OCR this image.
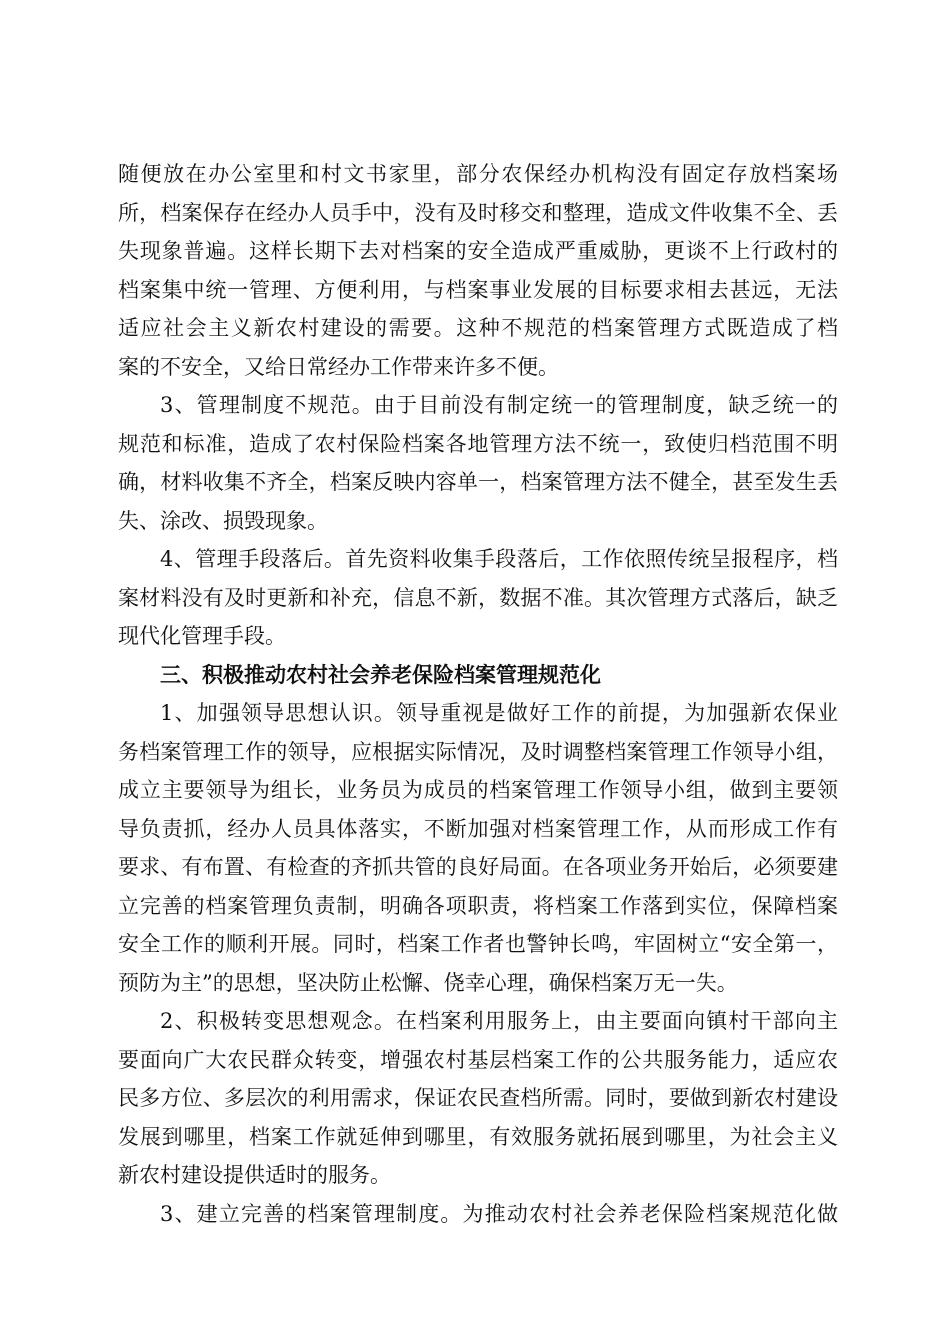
随便放在办公室里和村文书家里，部分农保经办机构没有固定存放档案场
所，档案保存在经办人员手中，没有及时移交和整理，造成文件收集不全、丢
失现象普遍。这样长期下去对档案的安全造成严重威胁，更谈不上行政村的
档案集中统一管理、方便利用，与档案事业发展的目标要求相去甚远，无法
适应社会主义新农村建设的需要。这种不规范的档案管理方式既造成了档
案的不安全，又给日常经办工作带来许多不便。
3、管理制度不规范。由于目前没有制定统一的管理制度，缺乏统一的
规范和标准，造成了农村保险档案各地管理方法不统一，致使归档范围不明
确，材料收集不齐全，档案反映内容单一，档案管理方法不健全，甚至发生丢
失、涂改、损毁现象。
4、管理手段落后。首先资料收集手段落后，工作依照传统呈报程序，档
案材料没有及时更新和补充，信息不新，数据不准。其次管理方式落后，缺乏
现代化管理手段。
三、积极推动农村社会养老保险档案管理规范化
1、加强领导思想认识。领导重视是做好工作的前提，为加强新农保业
务档案管理工作的领导，应根据实际情况，及时调整档案管理工作领导小组，
成立主要领导为组长，业务员为成员的档案管理工作领导小组，做到主要领
导负责抓，经办人员具体落实，不断加强对档案管理工作，从而形成工作有
要求、有布置、有检查的齐抓共管的良好局面。在各项业务开始后，必须要建
立完善的档案管理负责制，明确各项职责，将档案工作落到实位，保障档案
安全工作的顺利开展。同时，档案工作者也警钟长鸣，牢固树立“安全第一，
预防为主”的思想，坚决防止松懈、侥幸心理，确保档案万无一失。
2、积极转变思想观念。在档案利用服务上，由主要面向镇村干部向主
要面向广大农民群众转变，增强农村基层档案工作的公共服务能力，适应农
民多方位、多层次的利用需求，保证农民查档所需。同时，要做到新农村建设
发展到哪里，档案工作就延伸到哪里，有效服务就拓展到哪里，为社会主义
新农村建设提供适时的服务。
3、建立完善的档案管理制度。为推动农村社会养老保险档案规范化做
